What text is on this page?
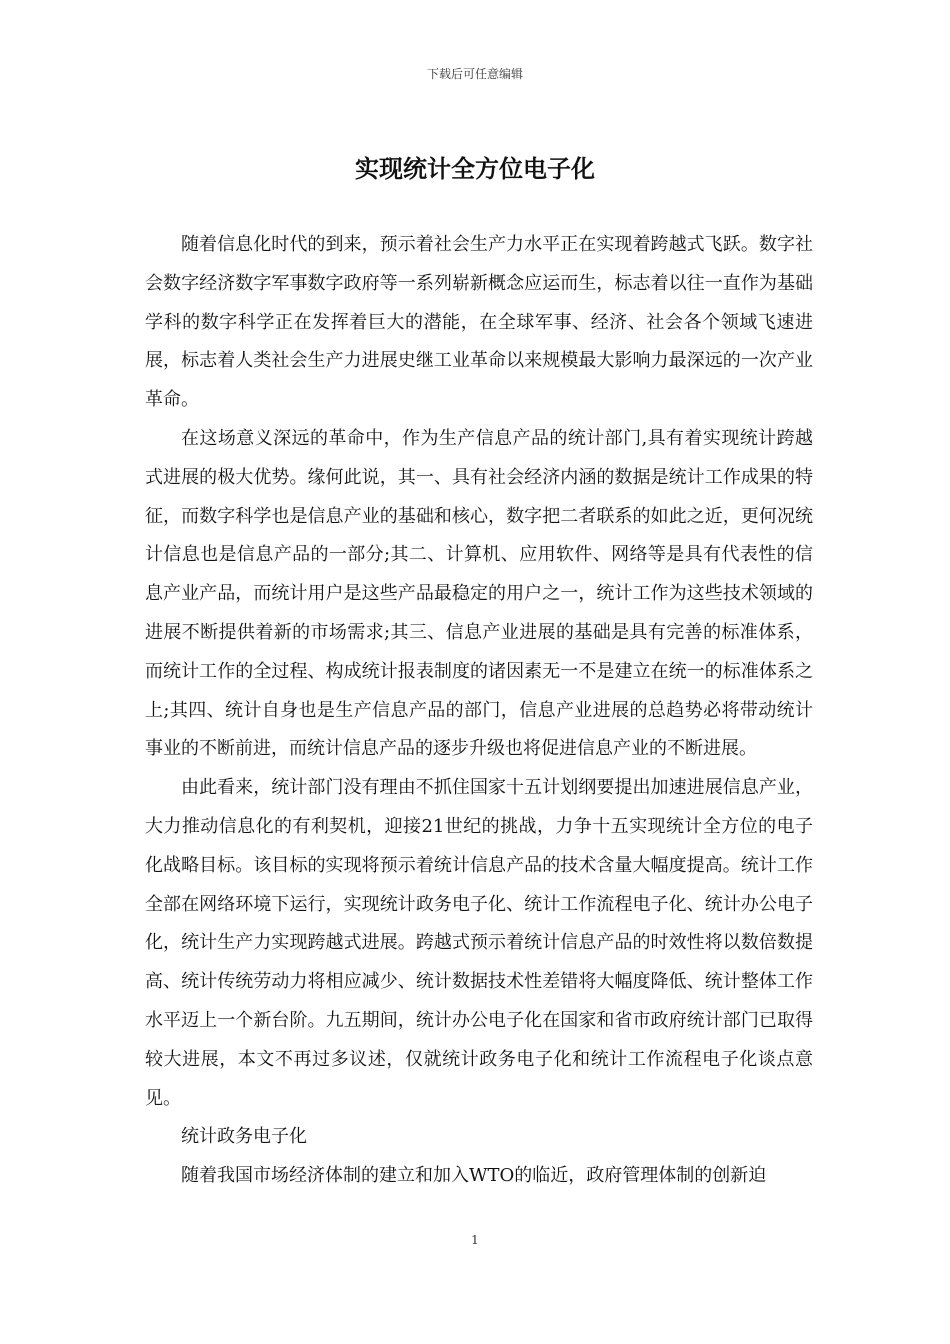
下载后可任意编辑
实现统计全方位电子化

随着信息化时代的到来，预示着社会生产力水平正在实现着跨越式飞跃。数字社会数字经济数字军事数字政府等一系列崭新概念应运而生，标志着以往一直作为基础学科的数字科学正在发挥着巨大的潜能，在全球军事、经济、社会各个领域飞速进展，标志着人类社会生产力进展史继工业革命以来规模最大影响力最深远的一次产业革命。

在这场意义深远的革命中，作为生产信息产品的统计部门,具有着实现统计跨越式进展的极大优势。缘何此说，其一、具有社会经济内涵的数据是统计工作成果的特征，而数字科学也是信息产业的基础和核心，数字把二者联系的如此之近，更何况统计信息也是信息产品的一部分;其二、计算机、应用软件、网络等是具有代表性的信息产业产品，而统计用户是这些产品最稳定的用户之一，统计工作为这些技术领域的进展不断提供着新的市场需求;其三、信息产业进展的基础是具有完善的标准体系，而统计工作的全过程、构成统计报表制度的诸因素无一不是建立在统一的标准体系之上;其四、统计自身也是生产信息产品的部门，信息产业进展的总趋势必将带动统计事业的不断前进，而统计信息产品的逐步升级也将促进信息产业的不断进展。

由此看来，统计部门没有理由不抓住国家十五计划纲要提出加速进展信息产业，大力推动信息化的有利契机，迎接21世纪的挑战，力争十五实现统计全方位的电子化战略目标。该目标的实现将预示着统计信息产品的技术含量大幅度提高。统计工作全部在网络环境下运行，实现统计政务电子化、统计工作流程电子化、统计办公电子化，统计生产力实现跨越式进展。跨越式预示着统计信息产品的时效性将以数倍数提高、统计传统劳动力将相应减少、统计数据技术性差错将大幅度降低、统计整体工作水平迈上一个新台阶。九五期间，统计办公电子化在国家和省市政府统计部门已取得较大进展，本文不再过多议述，仅就统计政务电子化和统计工作流程电子化谈点意见。

统计政务电子化

随着我国市场经济体制的建立和加入WTO的临近，政府管理体制的创新迫

1
